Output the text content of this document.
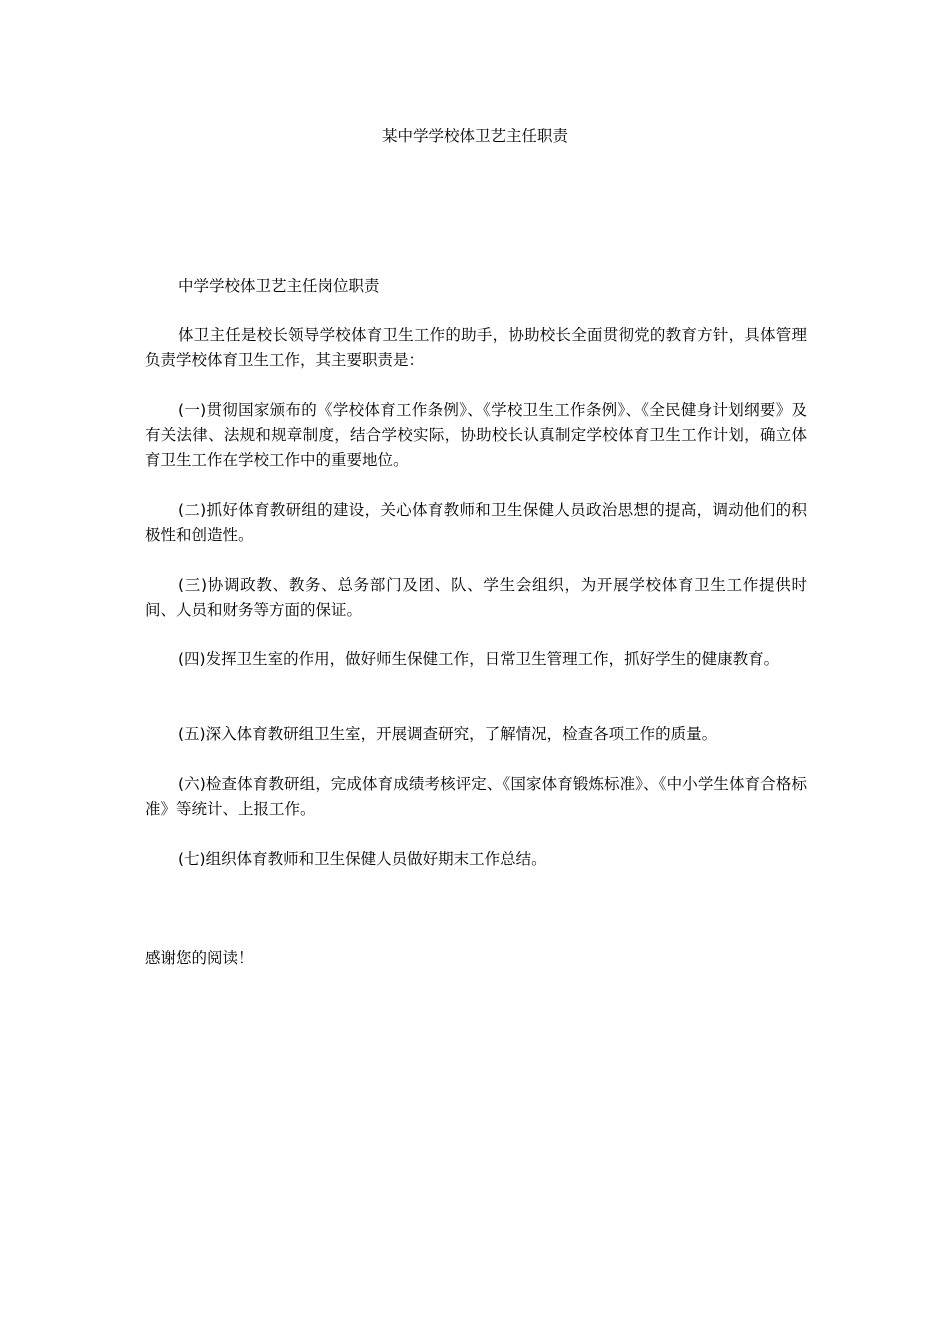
某中学学校体卫艺主任职责

中学学校体卫艺主任岗位职责

体卫主任是校长领导学校体育卫生工作的助手，协助校长全面贯彻党的教育方针，具体管理负责学校体育卫生工作，其主要职责是：

(一)贯彻国家颁布的《学校体育工作条例》、《学校卫生工作条例》、《全民健身计划纲要》及有关法律、法规和规章制度，结合学校实际，协助校长认真制定学校体育卫生工作计划，确立体育卫生工作在学校工作中的重要地位。

(二)抓好体育教研组的建设，关心体育教师和卫生保健人员政治思想的提高，调动他们的积极性和创造性。

(三)协调政教、教务、总务部门及团、队、学生会组织，为开展学校体育卫生工作提供时间、人员和财务等方面的保证。

(四)发挥卫生室的作用，做好师生保健工作，日常卫生管理工作，抓好学生的健康教育。

(五)深入体育教研组卫生室，开展调查研究，了解情况，检查各项工作的质量。

(六)检查体育教研组，完成体育成绩考核评定、《国家体育锻炼标准》、《中小学生体育合格标准》等统计、上报工作。

(七)组织体育教师和卫生保健人员做好期末工作总结。

感谢您的阅读！
